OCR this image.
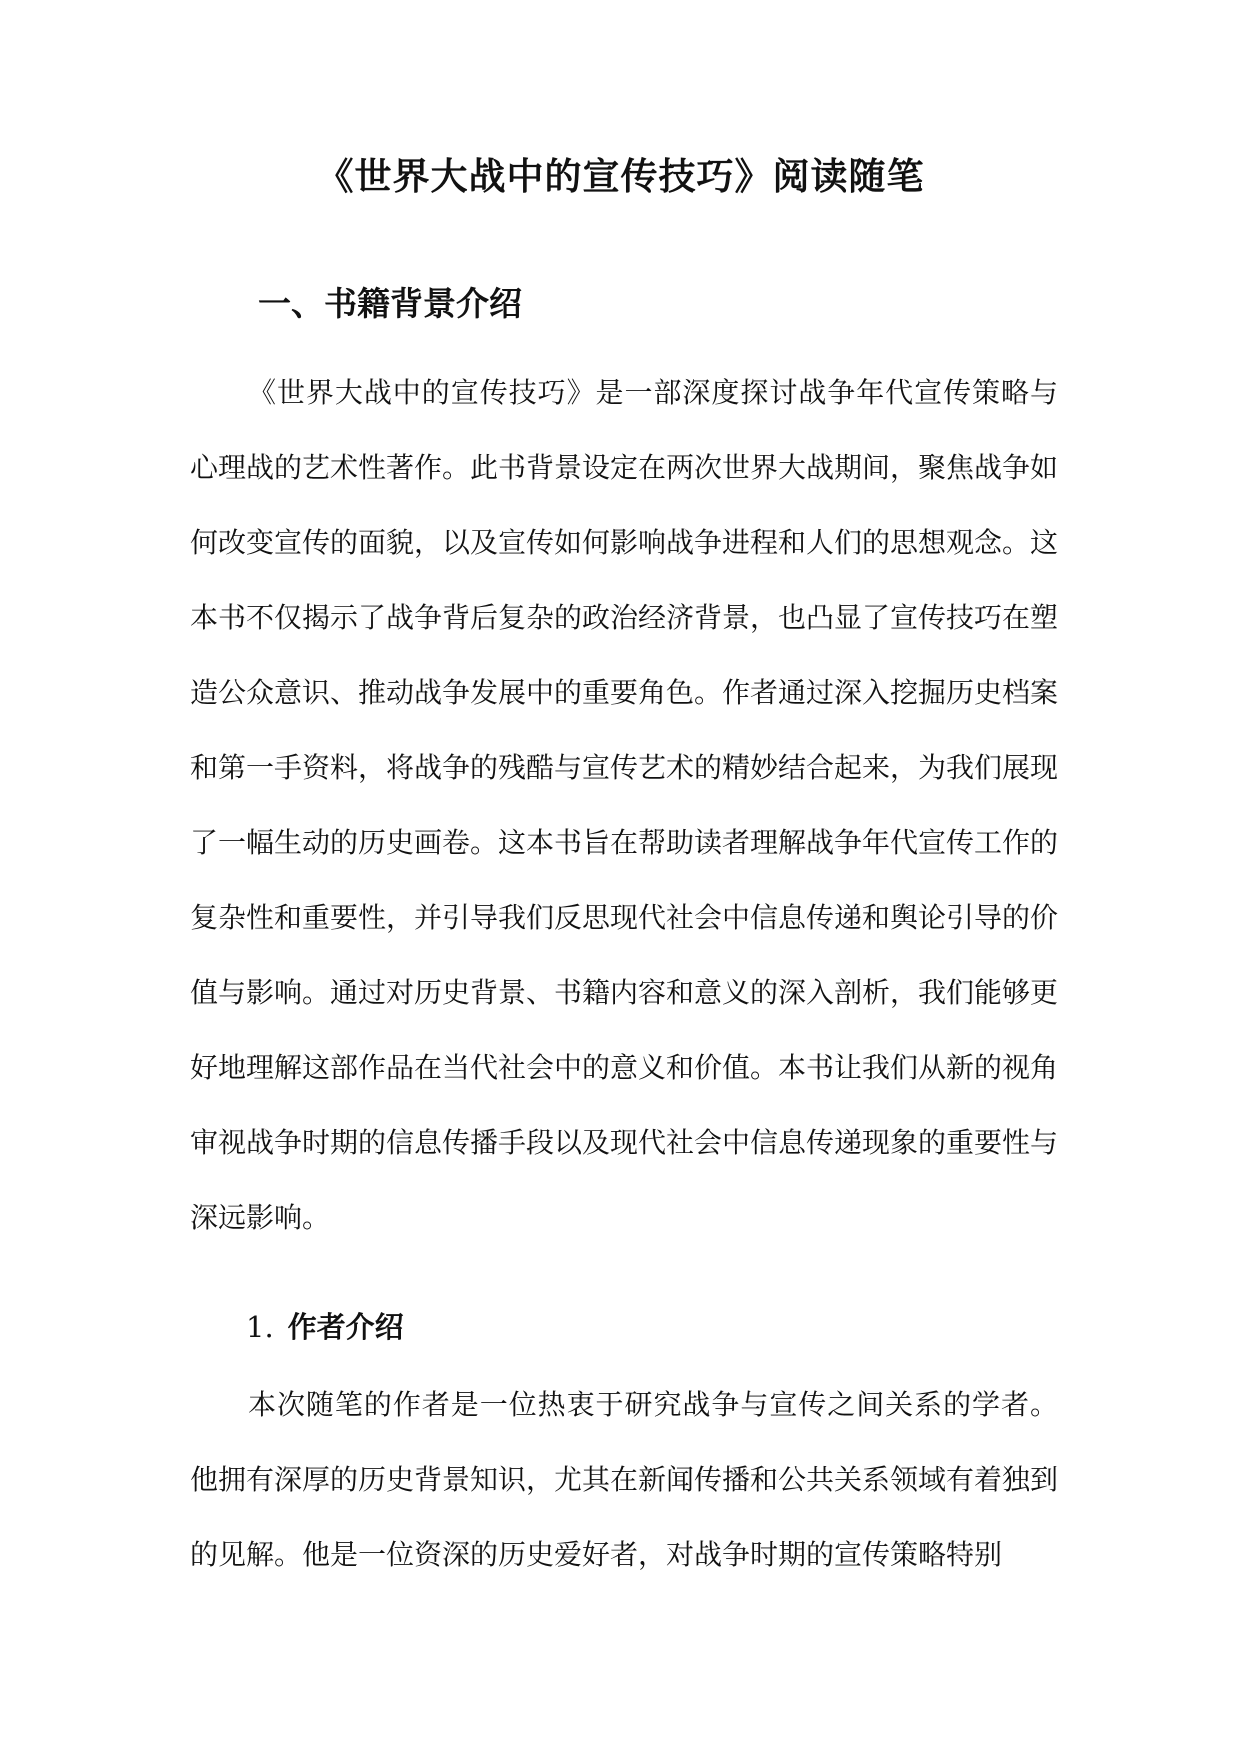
《世界大战中的宣传技巧》阅读随笔
一、书籍背景介绍

《世界大战中的宣传技巧》是一部深度探讨战争年代宣传策略与心理战的艺术性著作。此书背景设定在两次世界大战期间，聚焦战争如何改变宣传的面貌，以及宣传如何影响战争进程和人们的思想观念。这本书不仅揭示了战争背后复杂的政治经济背景，也凸显了宣传技巧在塑造公众意识、推动战争发展中的重要角色。作者通过深入挖掘历史档案和第一手资料，将战争的残酷与宣传艺术的精妙结合起来，为我们展现了一幅生动的历史画卷。这本书旨在帮助读者理解战争年代宣传工作的复杂性和重要性，并引导我们反思现代社会中信息传递和舆论引导的价值与影响。通过对历史背景、书籍内容和意义的深入剖析，我们能够更好地理解这部作品在当代社会中的意义和价值。本书让我们从新的视角审视战争时期的信息传播手段以及现代社会中信息传递现象的重要性与深远影响。

1. 作者介绍

本次随笔的作者是一位热衷于研究战争与宣传之间关系的学者。他拥有深厚的历史背景知识，尤其在新闻传播和公共关系领域有着独到的见解。他是一位资深的历史爱好者，对战争时期的宣传策略特别
